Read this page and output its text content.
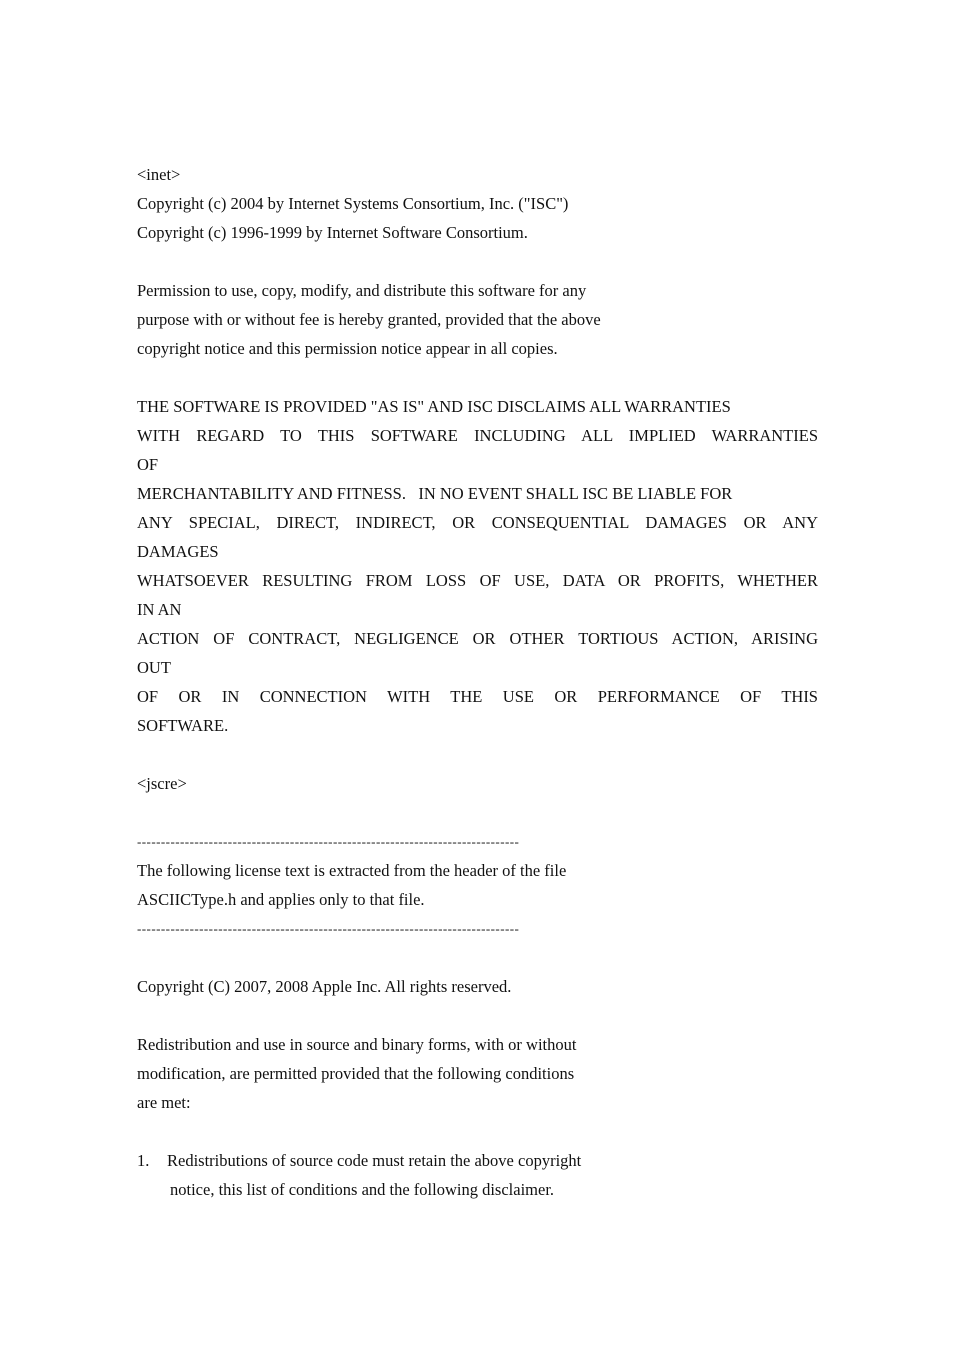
<inet>
Copyright (c) 2004 by Internet Systems Consortium, Inc. ("ISC")
Copyright (c) 1996-1999 by Internet Software Consortium.
Permission to use, copy, modify, and distribute this software for any
purpose with or without fee is hereby granted, provided that the above
copyright notice and this permission notice appear in all copies.
THE SOFTWARE IS PROVIDED "AS IS" AND ISC DISCLAIMS ALL WARRANTIES
WITH REGARD TO THIS SOFTWARE INCLUDING ALL IMPLIED WARRANTIES
OF
MERCHANTABILITY AND FITNESS.   IN NO EVENT SHALL ISC BE LIABLE FOR
ANY SPECIAL, DIRECT, INDIRECT, OR CONSEQUENTIAL DAMAGES OR ANY
DAMAGES
WHATSOEVER RESULTING FROM LOSS OF USE, DATA OR PROFITS, WHETHER
IN AN
ACTION OF CONTRACT, NEGLIGENCE OR OTHER TORTIOUS ACTION, ARISING
OUT
OF OR IN CONNECTION WITH THE USE OR PERFORMANCE OF THIS
SOFTWARE.
<jscre>
--------------------------------------------------------------------------------
The following license text is extracted from the header of the file
ASCIICType.h and applies only to that file.
--------------------------------------------------------------------------------
Copyright (C) 2007, 2008 Apple Inc. All rights reserved.
Redistribution and use in source and binary forms, with or without
modification, are permitted provided that the following conditions
are met:
1. Redistributions of source code must retain the above copyright
notice, this list of conditions and the following disclaimer.
